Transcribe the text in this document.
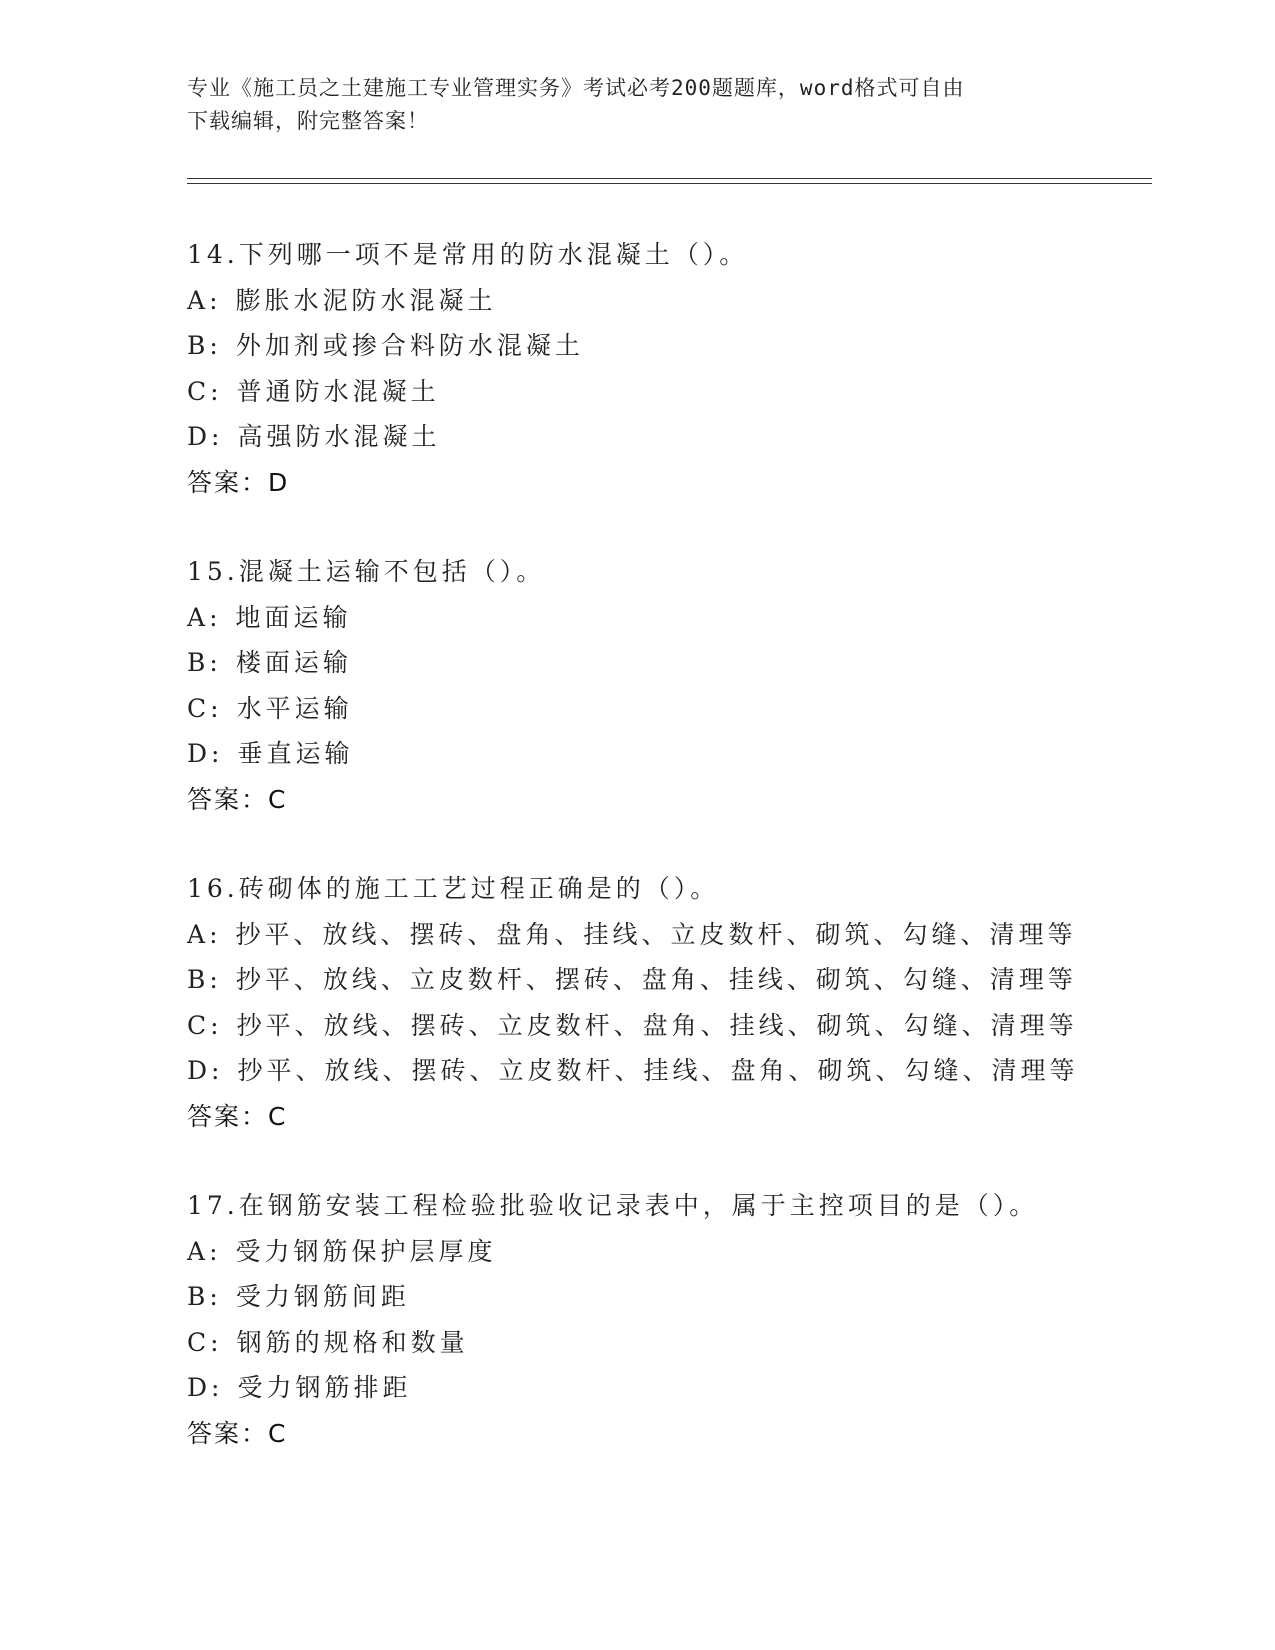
专业《施工员之土建施工专业管理实务》考试必考200题题库，word格式可自由
下载编辑，附完整答案！
14.下列哪一项不是常用的防水混凝土（）。
A: 膨胀水泥防水混凝土
B: 外加剂或掺合料防水混凝土
C: 普通防水混凝土
D: 高强防水混凝土
答案：D
15.混凝土运输不包括（）。
A: 地面运输
B: 楼面运输
C: 水平运输
D: 垂直运输
答案：C
16.砖砌体的施工工艺过程正确是的（）。
A: 抄平、放线、摆砖、盘角、挂线、立皮数杆、砌筑、勾缝、清理等
B: 抄平、放线、立皮数杆、摆砖、盘角、挂线、砌筑、勾缝、清理等
C: 抄平、放线、摆砖、立皮数杆、盘角、挂线、砌筑、勾缝、清理等
D: 抄平、放线、摆砖、立皮数杆、挂线、盘角、砌筑、勾缝、清理等
答案：C
17.在钢筋安装工程检验批验收记录表中，属于主控项目的是（）。
A: 受力钢筋保护层厚度
B: 受力钢筋间距
C: 钢筋的规格和数量
D: 受力钢筋排距
答案：C
